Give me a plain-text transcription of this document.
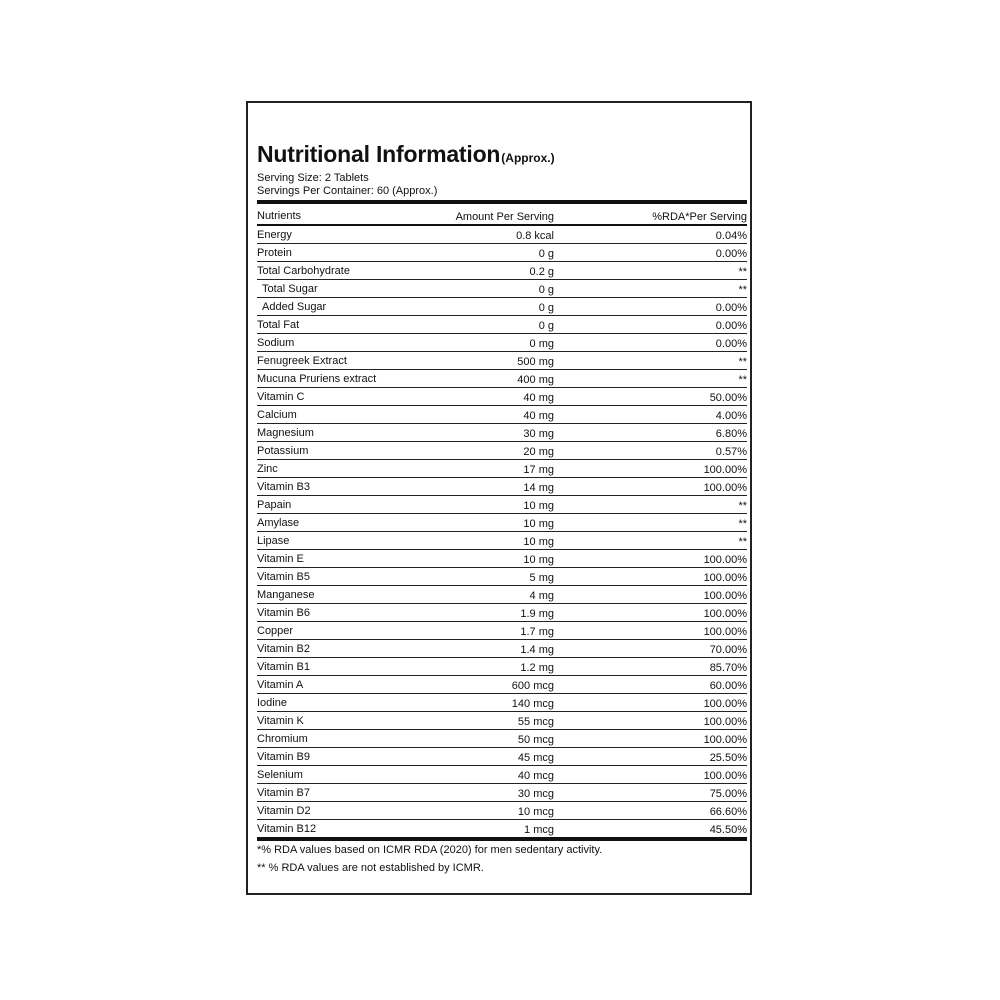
Nutritional Information (Approx.)
Serving Size: 2 Tablets
Servings Per Container: 60 (Approx.)
Nutrients	Amount Per Serving	%RDA*Per Serving
Energy	0.8 kcal	0.04%
Protein	0 g	0.00%
Total Carbohydrate	0.2 g	**
Total Sugar	0 g	**
Added Sugar	0 g	0.00%
Total Fat	0 g	0.00%
Sodium	0 mg	0.00%
Fenugreek Extract	500 mg	**
Mucuna Pruriens extract	400 mg	**
Vitamin C	40 mg	50.00%
Calcium	40 mg	4.00%
Magnesium	30 mg	6.80%
Potassium	20 mg	0.57%
Zinc	17 mg	100.00%
Vitamin B3	14 mg	100.00%
Papain	10 mg	**
Amylase	10 mg	**
Lipase	10 mg	**
Vitamin E	10 mg	100.00%
Vitamin B5	5 mg	100.00%
Manganese	4 mg	100.00%
Vitamin B6	1.9 mg	100.00%
Copper	1.7 mg	100.00%
Vitamin B2	1.4 mg	70.00%
Vitamin B1	1.2 mg	85.70%
Vitamin A	600 mcg	60.00%
Iodine	140 mcg	100.00%
Vitamin K	55 mcg	100.00%
Chromium	50 mcg	100.00%
Vitamin B9	45 mcg	25.50%
Selenium	40 mcg	100.00%
Vitamin B7	30 mcg	75.00%
Vitamin D2	10 mcg	66.60%
Vitamin B12	1 mcg	45.50%
*% RDA values based on ICMR RDA (2020) for men sedentary activity.
** % RDA values are not established by ICMR.
